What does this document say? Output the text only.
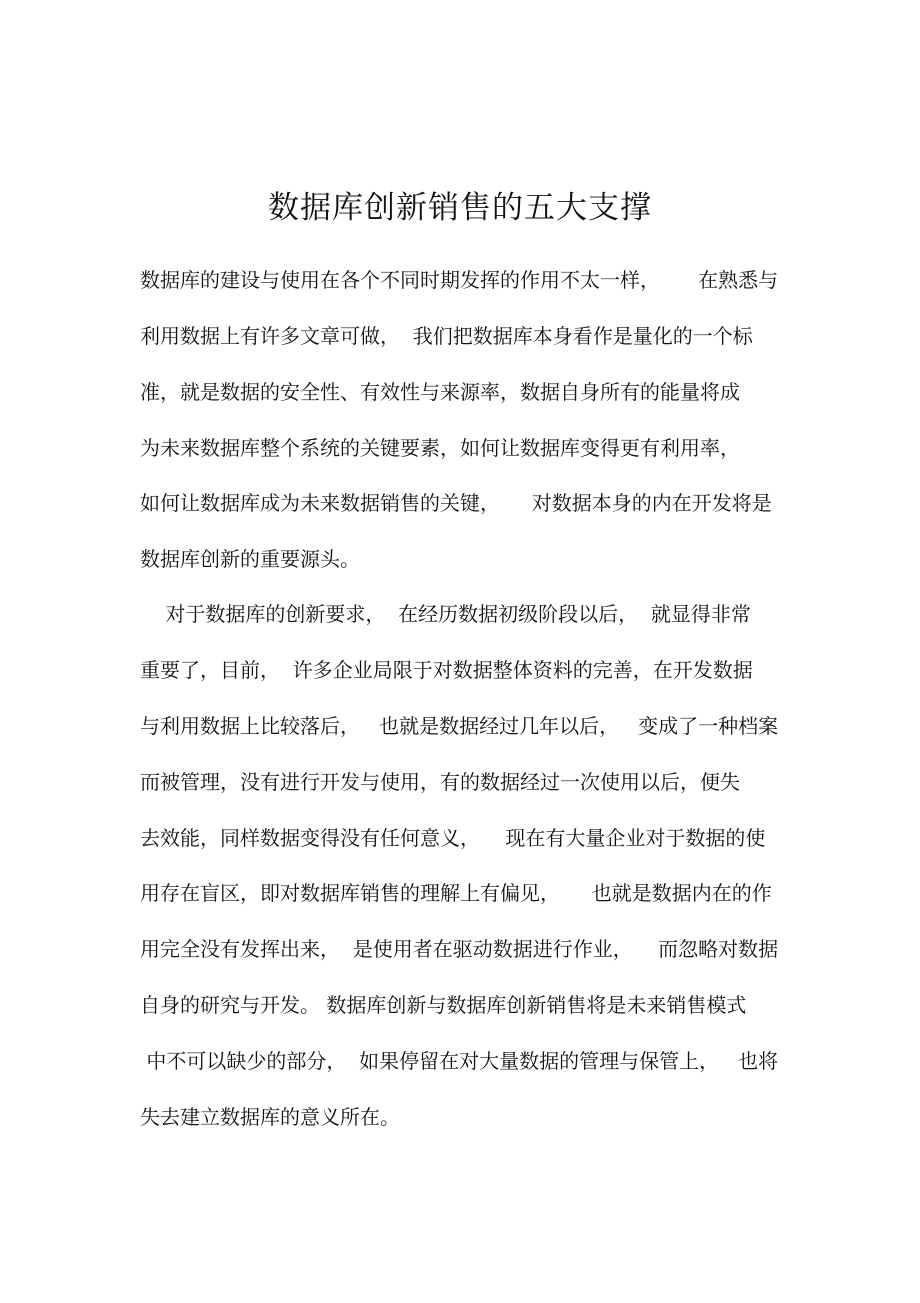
数据库创新销售的五大支撑

数据库的建设与使用在各个不同时期发挥的作用不太一样，      在熟悉与

利用数据上有许多文章可做，  我们把数据库本身看作是量化的一个标

准，就是数据的安全性、有效性与来源率，数据自身所有的能量将成

为未来数据库整个系统的关键要素，如何让数据库变得更有利用率，

如何让数据库成为未来数据销售的关键，     对数据本身的内在开发将是

数据库创新的重要源头。

对于数据库的创新要求，  在经历数据初级阶段以后，  就显得非常

重要了，目前，  许多企业局限于对数据整体资料的完善，在开发数据

与利用数据上比较落后，   也就是数据经过几年以后，   变成了一种档案

而被管理，没有进行开发与使用，有的数据经过一次使用以后，便失

去效能，同样数据变得没有任何意义，    现在有大量企业对于数据的使

用存在盲区，即对数据库销售的理解上有偏见，     也就是数据内在的作

用完全没有发挥出来，  是使用者在驱动数据进行作业，    而忽略对数据

自身的研究与开发。 数据库创新与数据库创新销售将是未来销售模式

中不可以缺少的部分，  如果停留在对大量数据的管理与保管上，   也将

失去建立数据库的意义所在。
